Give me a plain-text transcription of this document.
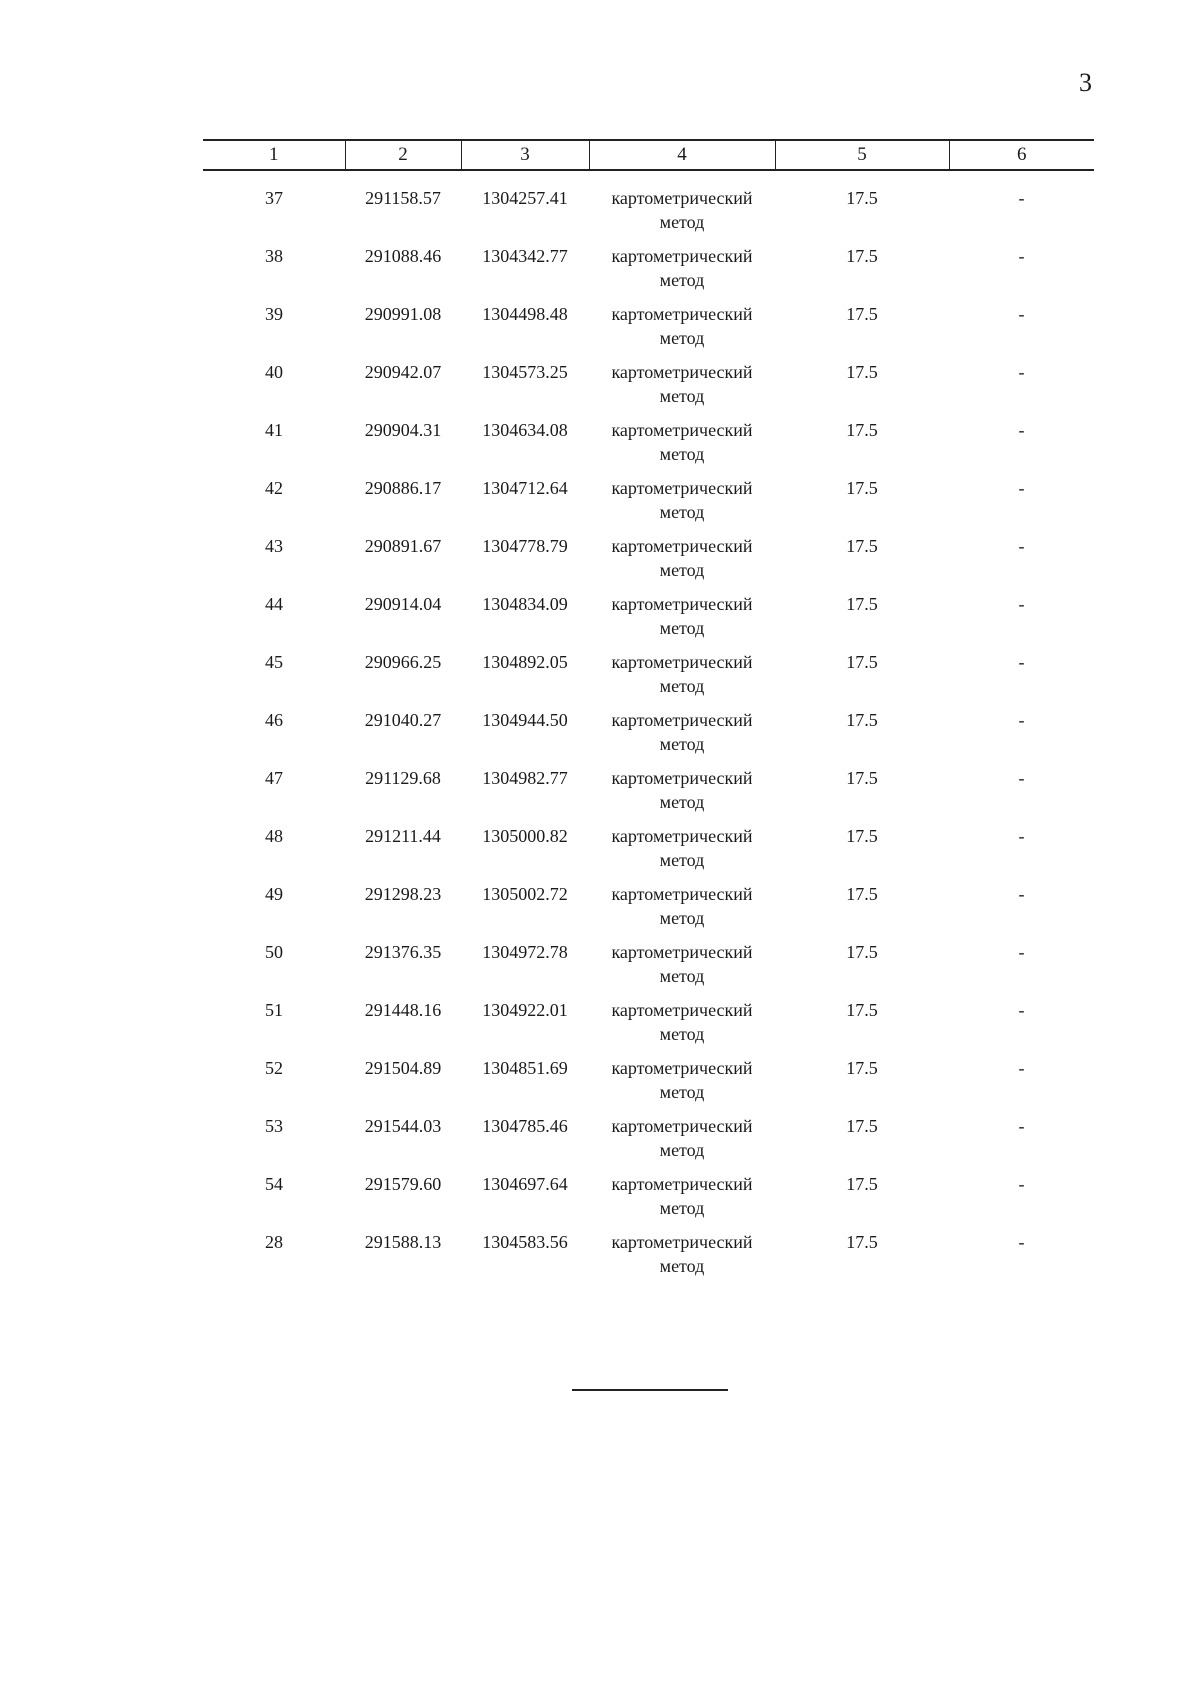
3
1	2	3	4	5	6
37	291158.57	1304257.41	картометрический
метод	17.5	-
38	291088.46	1304342.77	картометрический
метод	17.5	-
39	290991.08	1304498.48	картометрический
метод	17.5	-
40	290942.07	1304573.25	картометрический
метод	17.5	-
41	290904.31	1304634.08	картометрический
метод	17.5	-
42	290886.17	1304712.64	картометрический
метод	17.5	-
43	290891.67	1304778.79	картометрический
метод	17.5	-
44	290914.04	1304834.09	картометрический
метод	17.5	-
45	290966.25	1304892.05	картометрический
метод	17.5	-
46	291040.27	1304944.50	картометрический
метод	17.5	-
47	291129.68	1304982.77	картометрический
метод	17.5	-
48	291211.44	1305000.82	картометрический
метод	17.5	-
49	291298.23	1305002.72	картометрический
метод	17.5	-
50	291376.35	1304972.78	картометрический
метод	17.5	-
51	291448.16	1304922.01	картометрический
метод	17.5	-
52	291504.89	1304851.69	картометрический
метод	17.5	-
53	291544.03	1304785.46	картометрический
метод	17.5	-
54	291579.60	1304697.64	картометрический
метод	17.5	-
28	291588.13	1304583.56	картометрический
метод	17.5	-
